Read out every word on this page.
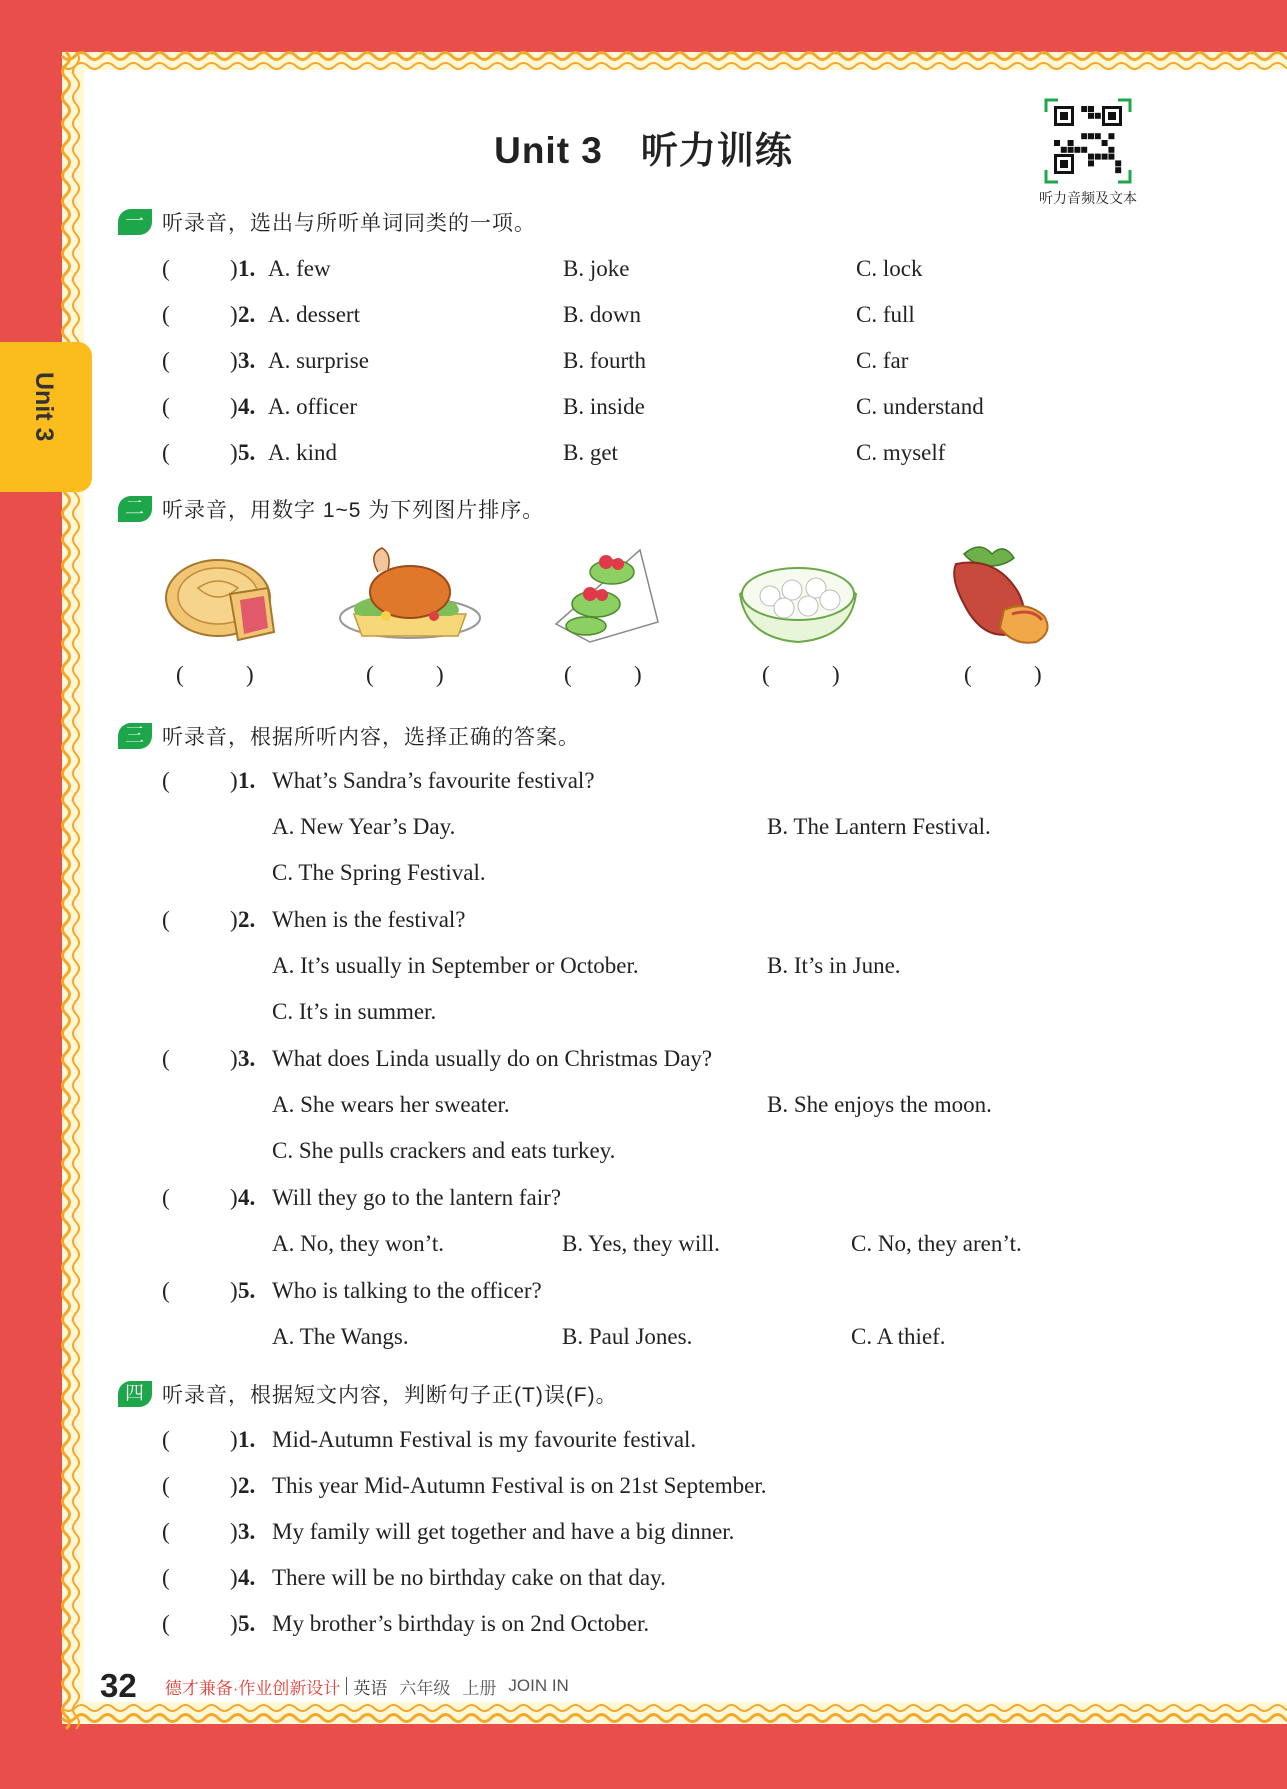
Unit 3　听力训练
听力音频及文本
Unit 3
一 听录音，选出与所听单词同类的一项。
二 听录音，用数字 1~5 为下列图片排序。
三 听录音，根据所听内容，选择正确的答案。
四 听录音，根据短文内容，判断句子正(T)误(F)。
(	) 1. A. few	B. joke	C. lock
(	) 2. A. dessert	B. down	C. full
(	) 3. A. surprise	B. fourth	C. far
(	) 4. A. officer	B. inside	C. understand
(	) 5. A. kind	B. get	C. myself
(	)	(	)	(	)	(	)	(	)
(	) 1. What’s Sandra’s favourite festival?
A. New Year’s Day.	B. The Lantern Festival.
C. The Spring Festival.
(	) 2. When is the festival?
A. It’s usually in September or October.	B. It’s in June.
C. It’s in summer.
(	) 3. What does Linda usually do on Christmas Day?
A. She wears her sweater.	B. She enjoys the moon.
C. She pulls crackers and eats turkey.
(	) 4. Will they go to the lantern fair?
A. No, they won’t.	B. Yes, they will.	C. No, they aren’t.
(	) 5. Who is talking to the officer?
A. The Wangs.	B. Paul Jones.	C. A thief.
(	) 1. Mid-Autumn Festival is my favourite festival.
(	) 2. This year Mid-Autumn Festival is on 21st September.
(	) 3. My family will get together and have a big dinner.
(	) 4. There will be no birthday cake on that day.
(	) 5. My brother’s birthday is on 2nd October.
32 德才兼备·作业创新设计 英语 六年级 上册 JOIN IN
